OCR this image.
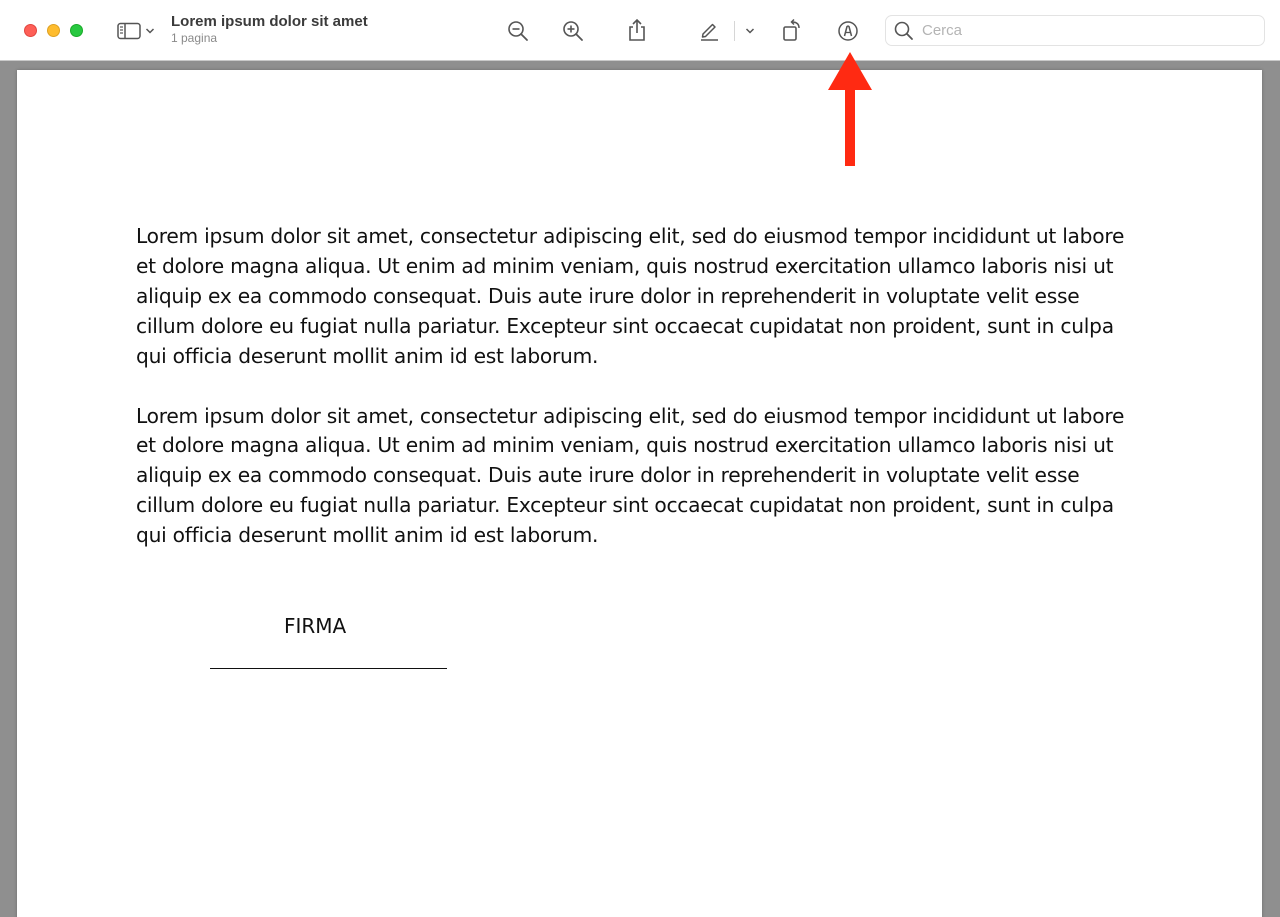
Lorem ipsum dolor sit amet
1 pagina
Cerca

Lorem ipsum dolor sit amet, consectetur adipiscing elit, sed do eiusmod tempor incididunt ut labore et dolore magna aliqua. Ut enim ad minim veniam, quis nostrud exercitation ullamco laboris nisi ut aliquip ex ea commodo consequat. Duis aute irure dolor in reprehenderit in voluptate velit esse cillum dolore eu fugiat nulla pariatur. Excepteur sint occaecat cupidatat non proident, sunt in culpa qui officia deserunt mollit anim id est laborum.

Lorem ipsum dolor sit amet, consectetur adipiscing elit, sed do eiusmod tempor incididunt ut labore et dolore magna aliqua. Ut enim ad minim veniam, quis nostrud exercitation ullamco laboris nisi ut aliquip ex ea commodo consequat. Duis aute irure dolor in reprehenderit in voluptate velit esse cillum dolore eu fugiat nulla pariatur. Excepteur sint occaecat cupidatat non proident, sunt in culpa qui officia deserunt mollit anim id est laborum.

FIRMA
